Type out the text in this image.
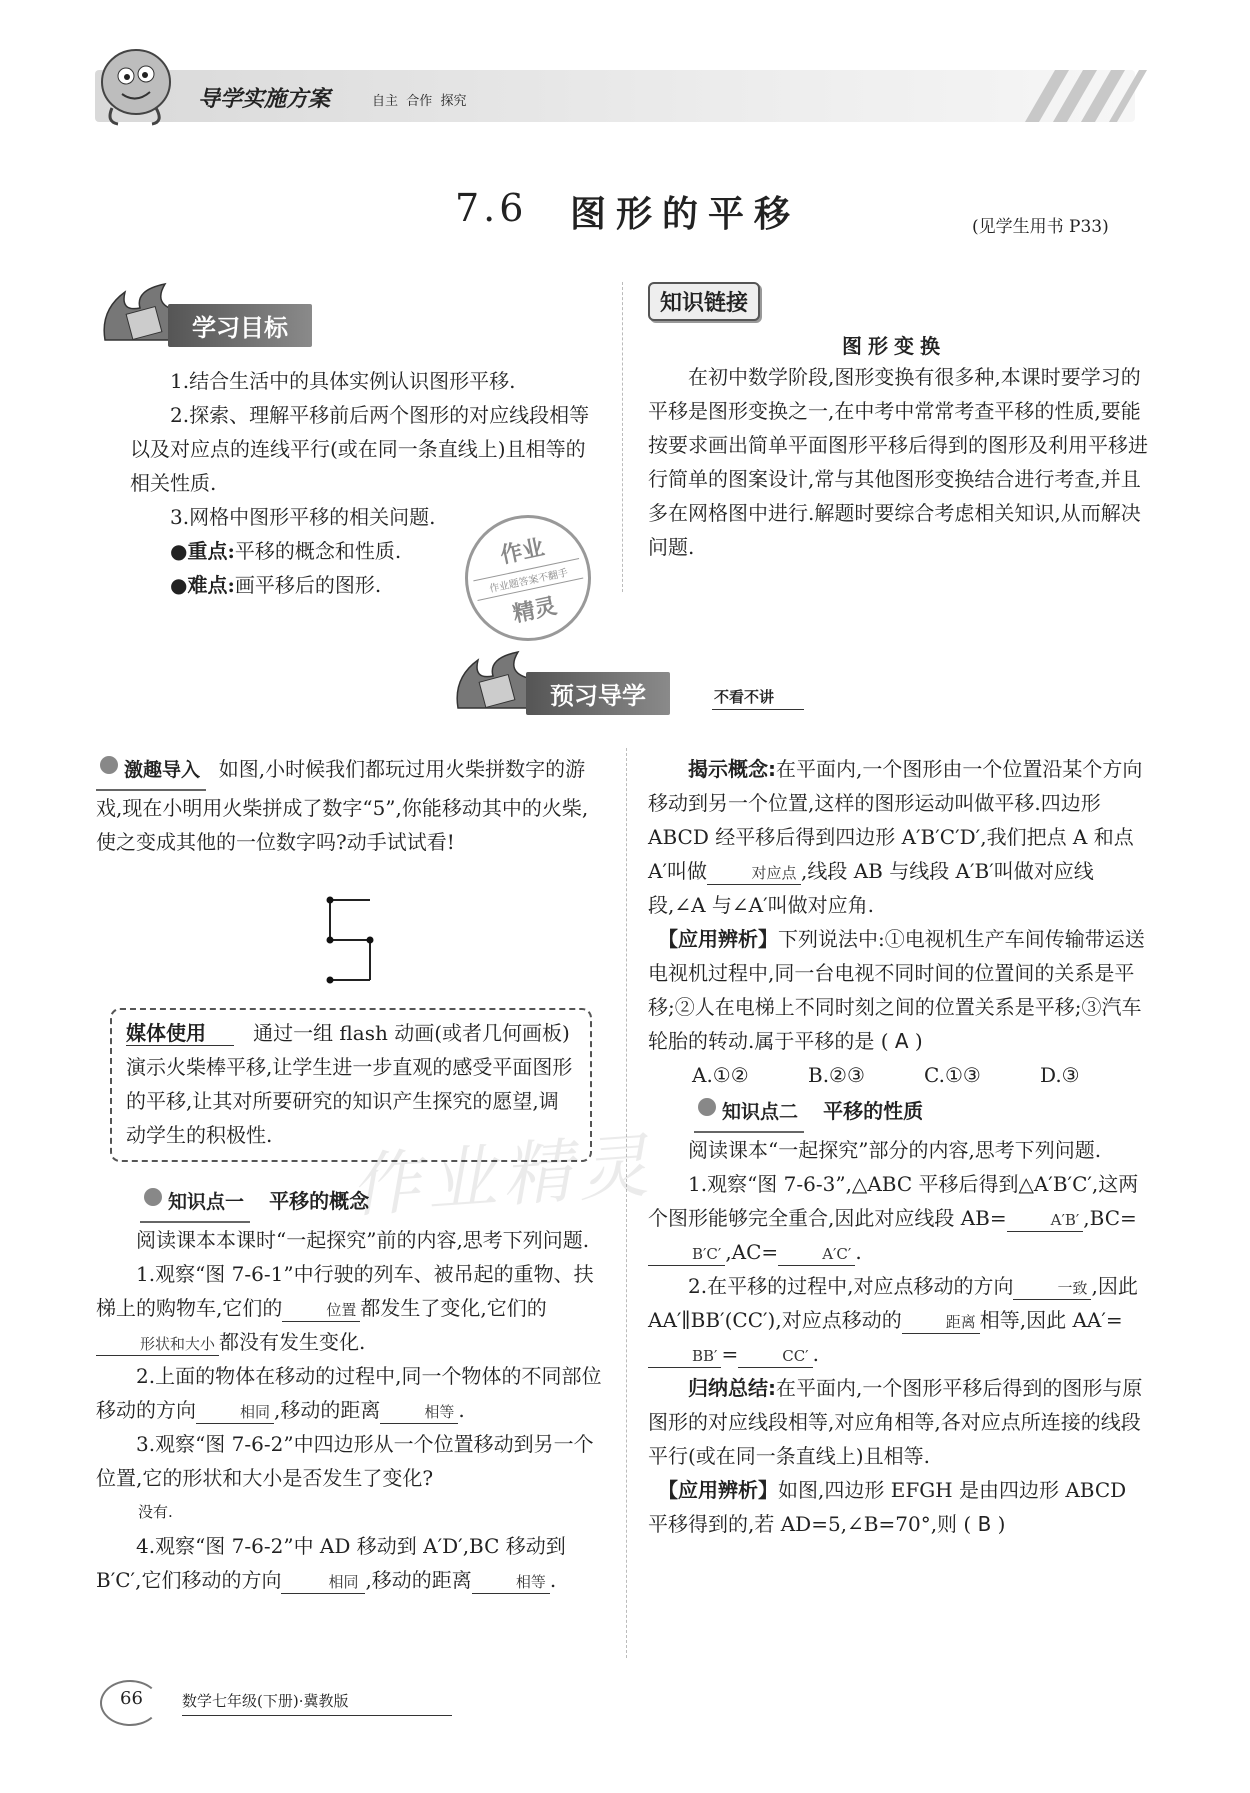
导学实施方案	自主  合作  探究
7.6 图形的平移	(见学生用书 P33)
学习目标

1.结合生活中的具体实例认识图形平移.

2.探索、理解平移前后两个图形的对应线段相等以及对应点的连线平行(或在同一条直线上)且相等的相关性质.

3.网格中图形平移的相关问题.

●重点:平移的概念和性质.

●难点:画平移后的图形.

作业
作业题答案不翻手
精灵
知识链接
图形变换

在初中数学阶段,图形变换有很多种,本课时要学习的平移是图形变换之一,在中考中常常考查平移的性质,要能按要求画出简单平面图形平移后得到的图形及利用平移进行简单的图案设计,常与其他图形变换结合进行考查,并且多在网格图中进行.解题时要综合考虑相关知识,从而解决问题.

预习导学	不看不讲

激趣导入 如图,小时候我们都玩过用火柴拼数字的游戏,现在小明用火柴拼成了数字“5”,你能移动其中的火柴,使之变成其他的一位数字吗?动手试试看!

媒体使用 通过一组 flash 动画(或者几何画板)演示火柴棒平移,让学生进一步直观的感受平面图形的平移,让其对所要研究的知识产生探究的愿望,调动学生的积极性.

知识点一 平移的概念

阅读课本本课时“一起探究”前的内容,思考下列问题.

1.观察“图 7-6-1”中行驶的列车、被吊起的重物、扶梯上的购物车,它们的	位置 都发生了变化,它们的形状和大小 都没有发生变化.

2.上面的物体在移动的过程中,同一个物体的不同部位移动的方向	相同 ,移动的距离	相等 .

3.观察“图 7-6-2”中四边形从一个位置移动到另一个位置,它的形状和大小是否发生了变化?

没有.

4.观察“图 7-6-2”中 AD 移动到 A′D′,BC 移动到 B′C′,它们移动的方向	相同 ,移动的距离	相等 .

揭示概念:在平面内,一个图形由一个位置沿某个方向移动到另一个位置,这样的图形运动叫做平移.四边形 ABCD 经平移后得到四边形 A′B′C′D′,我们把点 A 和点 A′叫做	对应点 ,线段 AB 与线段 A′B′叫做对应线段,∠A 与∠A′叫做对应角.

【应用辨析】下列说法中:①电视机生产车间传输带运送电视机过程中,同一台电视不同时间的位置间的关系是平移;②人在电梯上不同时刻之间的位置关系是平移;③汽车轮胎的转动.属于平移的是 ( A )

A.①②	B.②③	C.①③	D.③

知识点二 平移的性质

阅读课本“一起探究”部分的内容,思考下列问题.

1.观察“图 7-6-3”,△ABC 平移后得到△A′B′C′,这两个图形能够完全重合,因此对应线段 AB=	A′B′ ,BC=B′C′ ,AC=	A′C′ .

2.在平移的过程中,对应点移动的方向	一致 ,因此 AA′∥BB′(CC′),对应点移动的	距离 相等,因此 AA′=BB′ =	CC′ .

归纳总结:在平面内,一个图形平移后得到的图形与原图形的对应线段相等,对应角相等,各对应点所连接的线段平行(或在同一条直线上)且相等.

【应用辨析】如图,四边形 EFGH 是由四边形 ABCD 平移得到的,若 AD=5,∠B=70°,则 ( B )

作业精灵
66	数学七年级(下册)·冀教版
